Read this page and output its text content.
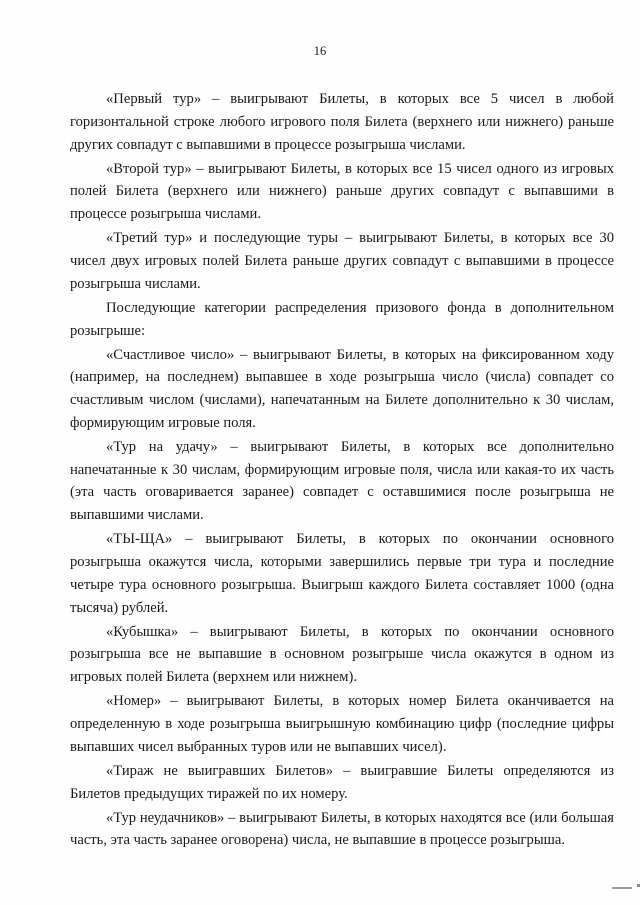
16

«Первый тур» – выигрывают Билеты, в которых все 5 чисел в любой горизонтальной строке любого игрового поля Билета (верхнего или нижнего) раньше других совпадут с выпавшими в процессе розыгрыша числами.

«Второй тур» – выигрывают Билеты, в которых все 15 чисел одного из игровых полей Билета (верхнего или нижнего) раньше других совпадут с выпавшими в процессе розыгрыша числами.

«Третий тур» и последующие туры – выигрывают Билеты, в которых все 30 чисел двух игровых полей Билета раньше других совпадут с выпавшими в процессе розыгрыша числами.

Последующие категории распределения призового фонда в дополнительном розыгрыше:

«Счастливое число» – выигрывают Билеты, в которых на фиксированном ходу (например, на последнем) выпавшее в ходе розыгрыша число (числа) совпадет со счастливым числом (числами), напечатанным на Билете дополнительно к 30 числам, формирующим игровые поля.

«Тур на удачу» – выигрывают Билеты, в которых все дополнительно напечатанные к 30 числам, формирующим игровые поля, числа или какая-то их часть (эта часть оговаривается заранее) совпадет с оставшимися после розыгрыша не выпавшими числами.

«ТЫ-ЩА» – выигрывают Билеты, в которых по окончании основного розыгрыша окажутся числа, которыми завершились первые три тура и последние четыре тура основного розыгрыша. Выигрыш каждого Билета составляет 1000 (одна тысяча) рублей.

«Кубышка» – выигрывают Билеты, в которых по окончании основного розыгрыша все не выпавшие в основном розыгрыше числа окажутся в одном из игровых полей Билета (верхнем или нижнем).

«Номер» – выигрывают Билеты, в которых номер Билета оканчивается на определенную в ходе розыгрыша выигрышную комбинацию цифр (последние цифры выпавших чисел выбранных туров или не выпавших чисел).

«Тираж не выигравших Билетов» – выигравшие Билеты определяются из Билетов предыдущих тиражей по их номеру.

«Тур неудачников» – выигрывают Билеты, в которых находятся все (или большая часть, эта часть заранее оговорена) числа, не выпавшие в процессе розыгрыша.
